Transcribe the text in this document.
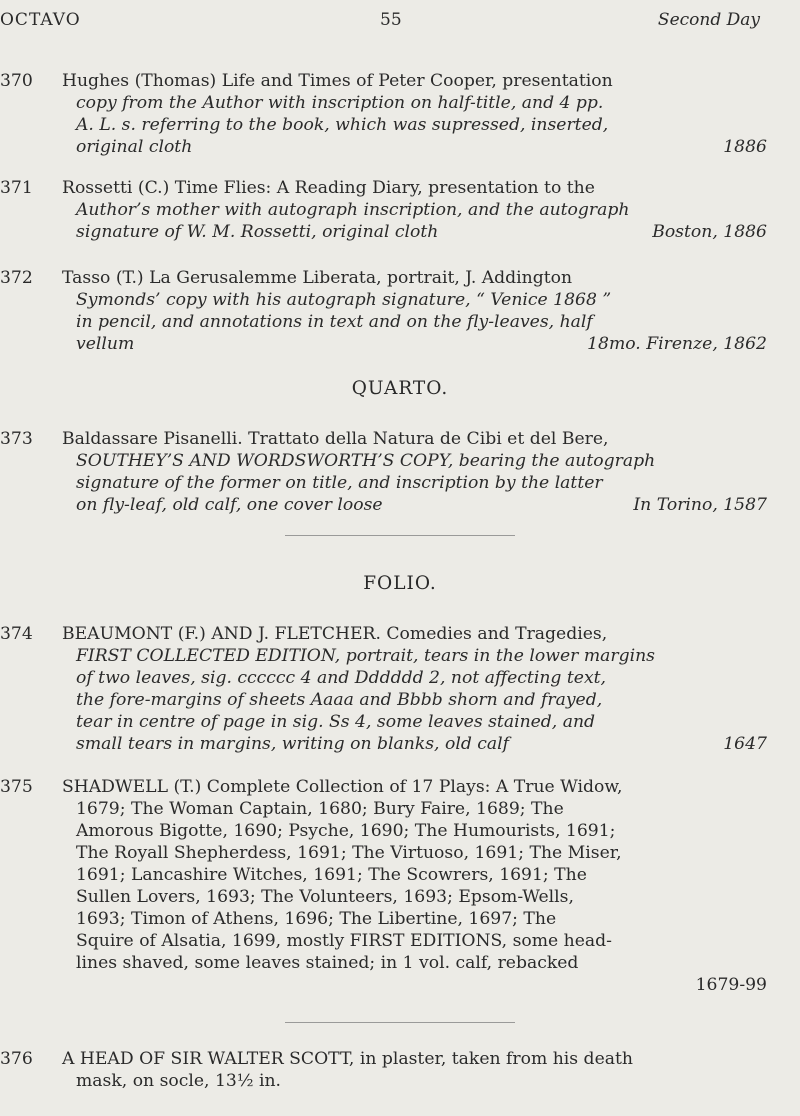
OCTAVO	55	Second Day
370	Hughes (Thomas) Life and Times of Peter Cooper, presentation
copy from the Author with inscription on half-title, and 4 pp.
A. L. s. referring to the book, which was supressed, inserted,
original cloth	1886
371	Rossetti (C.) Time Flies: A Reading Diary, presentation to the
Author’s mother with autograph inscription, and the autograph
signature of W. M. Rossetti, original cloth	Boston, 1886
372	Tasso (T.) La Gerusalemme Liberata, portrait, J. Addington
Symonds’ copy with his autograph signature, “ Venice 1868 ”
in pencil, and annotations in text and on the fly-leaves, half
vellum	18mo. Firenze, 1862
QUARTO.
373	Baldassare Pisanelli. Trattato della Natura de Cibi et del Bere,
SOUTHEY’S AND WORDSWORTH’S COPY, bearing the autograph
signature of the former on title, and inscription by the latter
on fly-leaf, old calf, one cover loose	In Torino, 1587
FOLIO.
374	BEAUMONT (F.) AND J. FLETCHER. Comedies and Tragedies,
FIRST COLLECTED EDITION, portrait, tears in the lower margins
of two leaves, sig. cccccc 4 and Dddddd 2, not affecting text,
the fore-margins of sheets Aaaa and Bbbb shorn and frayed,
tear in centre of page in sig. Ss 4, some leaves stained, and
small tears in margins, writing on blanks, old calf	1647
375	SHADWELL (T.) Complete Collection of 17 Plays: A True Widow,
1679; The Woman Captain, 1680; Bury Faire, 1689; The
Amorous Bigotte, 1690; Psyche, 1690; The Humourists, 1691;
The Royall Shepherdess, 1691; The Virtuoso, 1691; The Miser,
1691; Lancashire Witches, 1691; The Scowrers, 1691; The
Sullen Lovers, 1693; The Volunteers, 1693; Epsom-Wells,
1693; Timon of Athens, 1696; The Libertine, 1697; The
Squire of Alsatia, 1699, mostly FIRST EDITIONS, some head-
lines shaved, some leaves stained; in 1 vol. calf, rebacked
1679-99
376	A HEAD OF SIR WALTER SCOTT, in plaster, taken from his death
mask, on socle, 13½ in.
